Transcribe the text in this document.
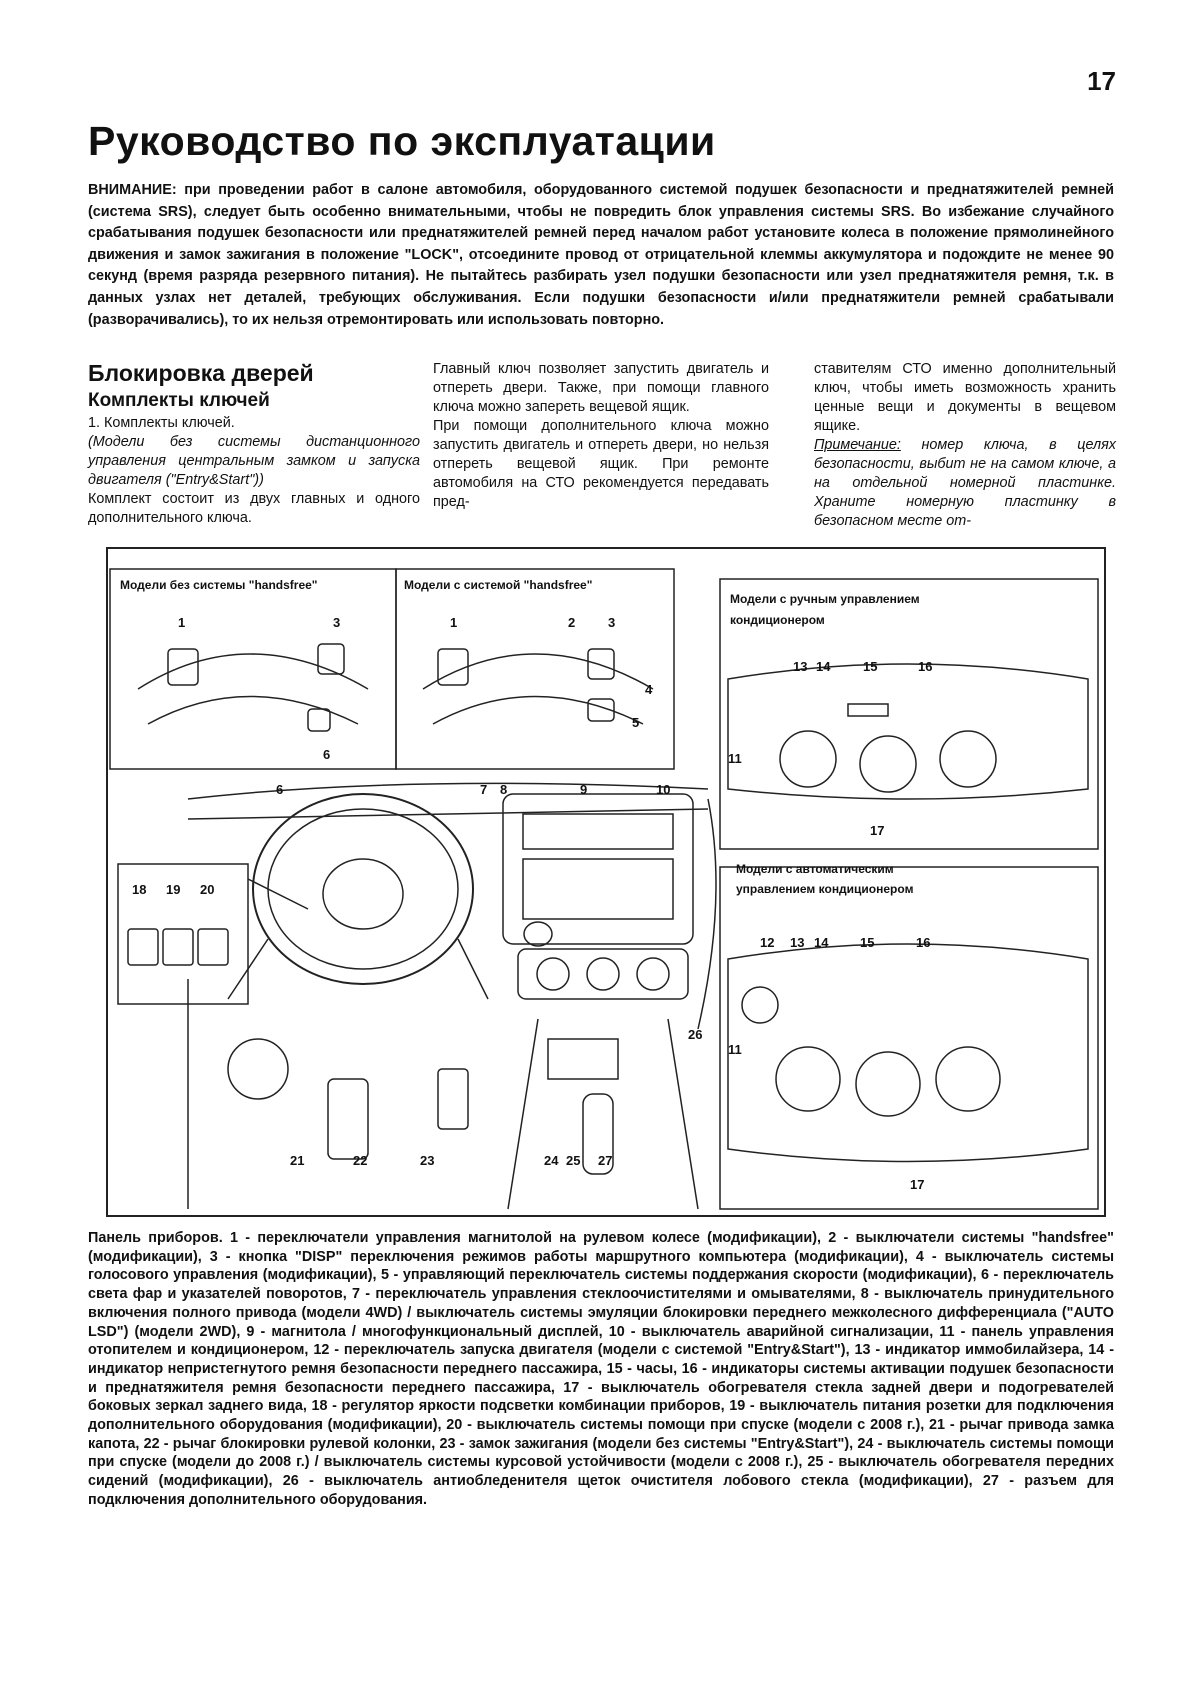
17
Руководство по эксплуатации

ВНИМАНИЕ: при проведении работ в салоне автомобиля, оборудованного системой подушек безопасности и преднатяжителей ремней (система SRS), следует быть особенно внимательными, чтобы не повредить блок управления системы SRS. Во избежание случайного срабатывания подушек безопасности или преднатяжителей ремней перед началом работ установите колеса в положение прямолинейного движения и замок зажигания в положение "LOCK", отсоедините провод от отрицательной клеммы аккумулятора и подождите не менее 90 секунд (время разряда резервного питания). Не пытайтесь разбирать узел подушки безопасности или узел преднатяжителя ремня, т.к. в данных узлах нет деталей, требующих обслуживания. Если подушки безопасности и/или преднатяжители ремней срабатывали (разворачивались), то их нельзя отремонтировать или использовать повторно.

Блокировка дверей
Комплекты ключей

1. Комплекты ключей.

(Модели без системы дистанционного управления центральным замком и запуска двигателя ("Entry&Start"))

Комплект состоит из двух главных и одного дополнительного ключа.

Главный ключ позволяет запустить двигатель и отпереть двери. Также, при помощи главного ключа можно запереть вещевой ящик.

При помощи дополнительного ключа можно запустить двигатель и отпереть двери, но нельзя отпереть вещевой ящик. При ремонте автомобиля на СТО рекомендуется передавать пред-

ставителям СТО именно дополнительный ключ, чтобы иметь возможность хранить ценные вещи и документы в вещевом ящике.

Примечание: номер ключа, в целях безопасности, выбит не на самом ключе, а на отдельной номерной пластинке. Храните номерную пластинку в безопасном месте от-

Модели без системы "handsfree"	Модели с системой "handsfree"
Модели с ручным управлением
кондиционером
Модели с автоматическим
управлением кондиционером
1	3
6
1	2	3
4
5
6	7 8	9	10
18 19 20
21	22	23	24 25 27
26
13 14	15	16
11
17
12 13 14 15	16
11
17

Панель приборов. 1 - переключатели управления магнитолой на рулевом колесе (модификации), 2 - выключатели системы "handsfree" (модификации), 3 - кнопка "DISP" переключения режимов работы маршрутного компьютера (модификации), 4 - выключатель системы голосового управления (модификации), 5 - управляющий переключатель системы поддержания скорости (модификации), 6 - переключатель света фар и указателей поворотов, 7 - переключатель управления стеклоочистителями и омывателями, 8 - выключатель принудительного включения полного привода (модели 4WD) / выключатель системы эмуляции блокировки переднего межколесного дифференциала ("AUTO LSD") (модели 2WD), 9 - магнитола / многофункциональный дисплей, 10 - выключатель аварийной сигнализации, 11 - панель управления отопителем и кондиционером, 12 - переключатель запуска двигателя (модели с системой "Entry&Start"), 13 - индикатор иммобилайзера, 14 - индикатор непристегнутого ремня безопасности переднего пассажира, 15 - часы, 16 - индикаторы системы активации подушек безопасности и преднатяжителя ремня безопасности переднего пассажира, 17 - выключатель обогревателя стекла задней двери и подогревателей боковых зеркал заднего вида, 18 - регулятор яркости подсветки комбинации приборов, 19 - выключатель питания розетки для подключения дополнительного оборудования (модификации), 20 - выключатель системы помощи при спуске (модели с 2008 г.), 21 - рычаг привода замка капота, 22 - рычаг блокировки рулевой колонки, 23 - замок зажигания (модели без системы "Entry&Start"), 24 - выключатель системы помощи при спуске (модели до 2008 г.) / выключатель системы курсовой устойчивости (модели с 2008 г.), 25 - выключатель обогревателя передних сидений (модификации), 26 - выключатель антиобледенителя щеток очистителя лобового стекла (модификации), 27 - разъем для подключения дополнительного оборудования.
